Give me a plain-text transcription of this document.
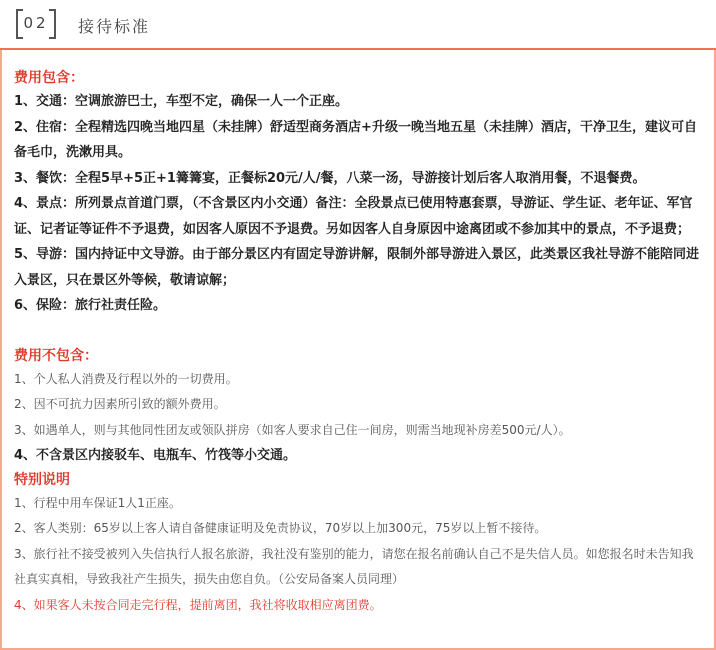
02	接待标准
费用包含：

1、交通：空调旅游巴士，车型不定，确保一人一个正座。

2、住宿：全程精选四晚当地四星（未挂牌）舒适型商务酒店+升级一晚当地五星（未挂牌）酒店，干净卫生，建议可自备毛巾，洗漱用具。

3、餐饮：全程5早+5正+1篝篝宴，正餐标20元/人/餐，八菜一汤，导游接计划后客人取消用餐，不退餐费。

4、景点：所列景点首道门票，（不含景区内小交通）备注：全段景点已使用特惠套票，导游证、学生证、老年证、军官证、记者证等证件不予退费，如因客人原因不予退费。另如因客人自身原因中途离团或不参加其中的景点，不予退费；

5、导游：国内持证中文导游。由于部分景区内有固定导游讲解，限制外部导游进入景区，此类景区我社导游不能陪同进入景区，只在景区外等候，敬请谅解；

6、保险：旅行社责任险。

费用不包含：

1、个人私人消费及行程以外的一切费用。

2、因不可抗力因素所引致的额外费用。

3、如遇单人，则与其他同性团友或领队拼房（如客人要求自己住一间房，则需当地现补房差500元/人）。

4、不含景区内接驳车、电瓶车、竹筏等小交通。

特别说明

1、行程中用车保证1人1正座。

2、客人类别：65岁以上客人请自备健康证明及免责协议，70岁以上加300元，75岁以上暂不接待。

3、旅行社不接受被列入失信执行人报名旅游，我社没有鉴别的能力，请您在报名前确认自己不是失信人员。如您报名时未告知我社真实真相，导致我社产生损失，损失由您自负。（公安局备案人员同理）

4、如果客人未按合同走完行程，提前离团，我社将收取相应离团费。
